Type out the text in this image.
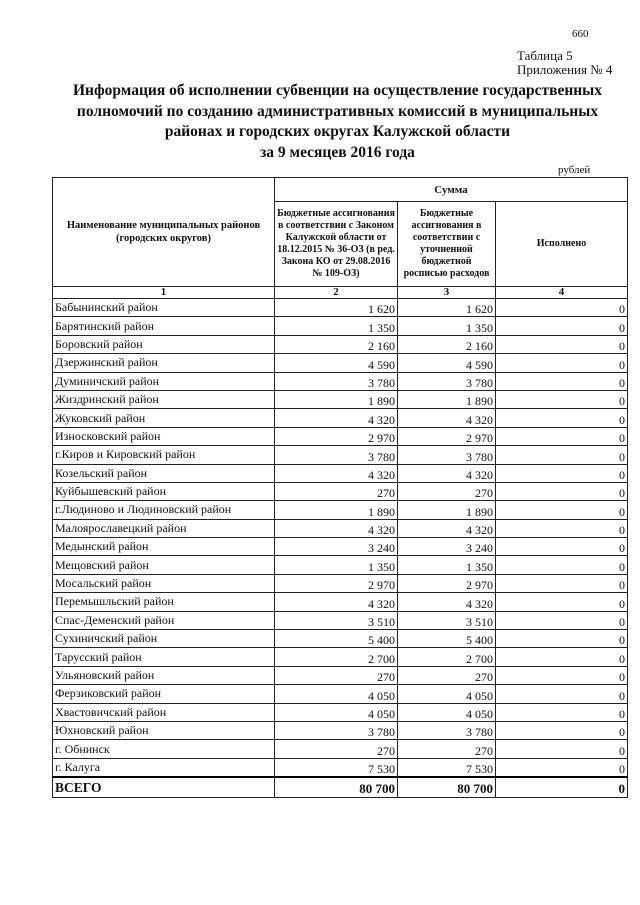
660
Таблица 5
Приложения № 4
Информация об исполнении субвенции на осуществление государственных
полномочий по созданию административных комиссий в муниципальных
районах и городских округах Калужской области
за 9 месяцев 2016 года
рублей
Наименование муниципальных районов (городских округов)	Сумма		
	Бюджетные ассигнования в соответствии с Законом Калужской области от 18.12.2015 № 36-ОЗ (в ред. Закона КО от 29.08.2016 № 109-ОЗ)	Бюджетные ассигнования в соответствии с уточненной бюджетной росписью расходов	Исполнено
1	2	3	4
Бабынинский район	1 620	1 620	0
Барятинский район	1 350	1 350	0
Боровский район	2 160	2 160	0
Дзержинский район	4 590	4 590	0
Думиничский район	3 780	3 780	0
Жиздринский район	1 890	1 890	0
Жуковский район	4 320	4 320	0
Износковский район	2 970	2 970	0
г.Киров и Кировский район	3 780	3 780	0
Козельский район	4 320	4 320	0
Куйбышевский район	270	270	0
г.Людиново и Людиновский район	1 890	1 890	0
Малоярославецкий район	4 320	4 320	0
Медынский район	3 240	3 240	0
Мещовский район	1 350	1 350	0
Мосальский район	2 970	2 970	0
Перемышльский район	4 320	4 320	0
Спас-Деменский район	3 510	3 510	0
Сухиничский район	5 400	5 400	0
Тарусский район	2 700	2 700	0
Ульяновский район	270	270	0
Ферзиковский район	4 050	4 050	0
Хвастовичский район	4 050	4 050	0
Юхновский район	3 780	3 780	0
г. Обнинск	270	270	0
г. Калуга	7 530	7 530	0
ВСЕГО	80 700	80 700	0
